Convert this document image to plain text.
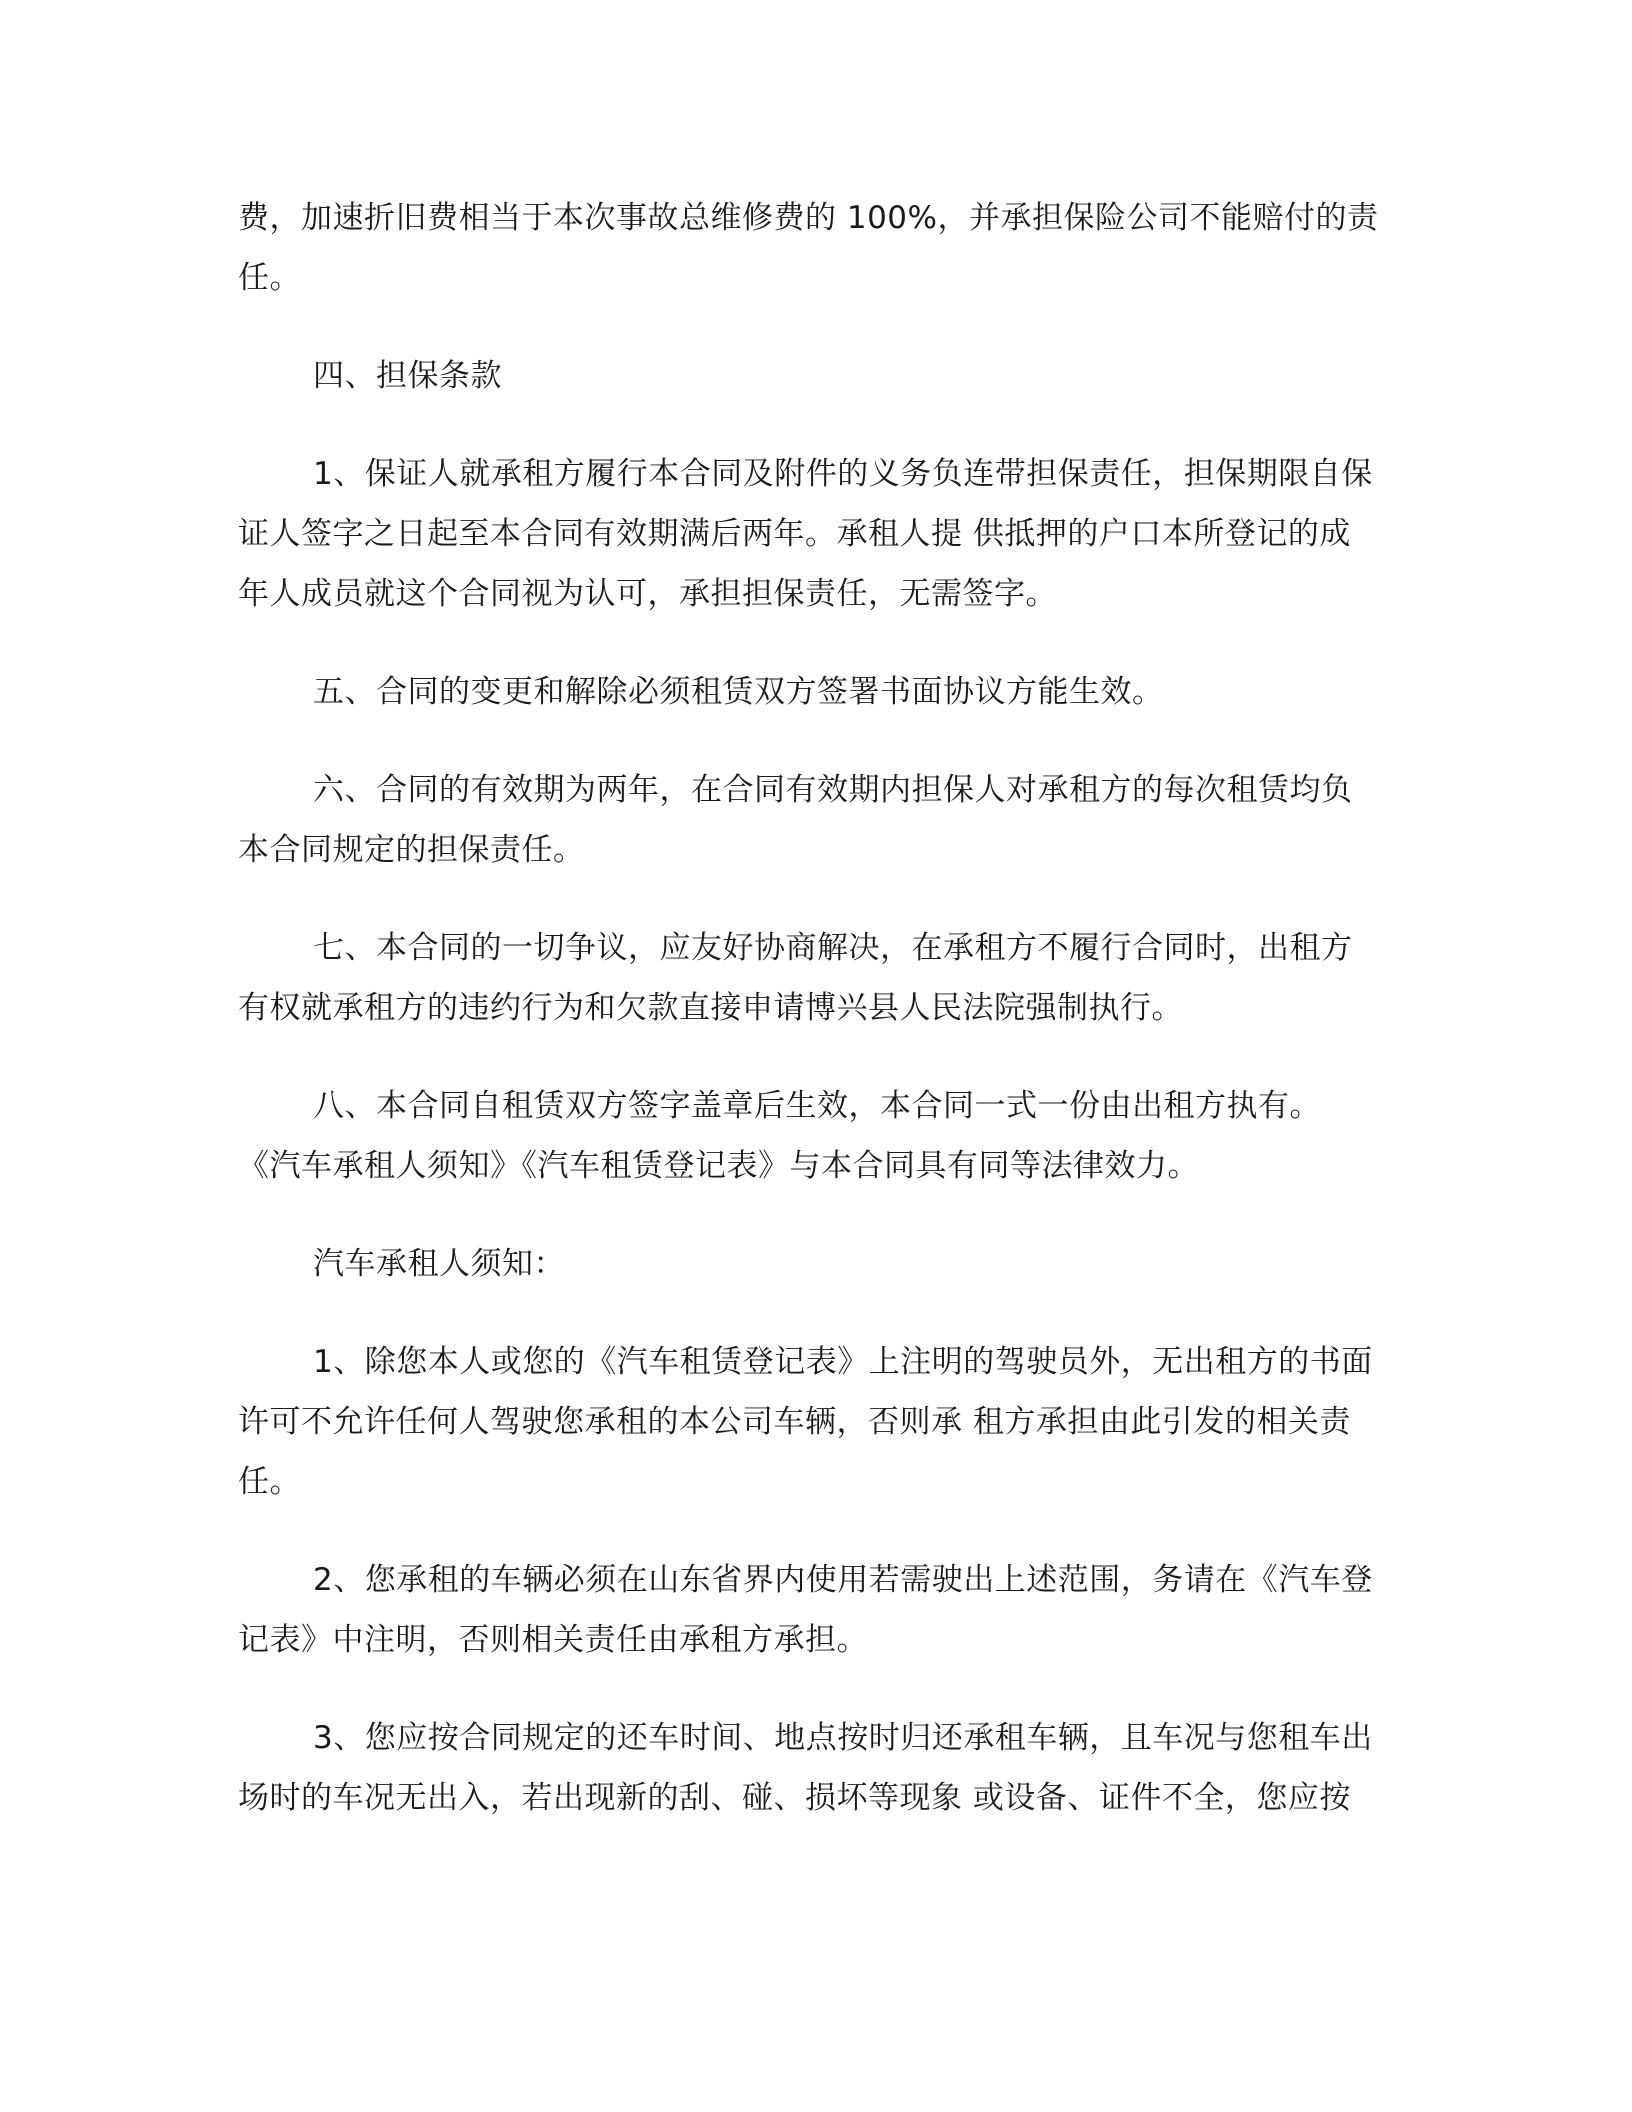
费，加速折旧费相当于本次事故总维修费的 100%，并承担保险公司不能赔付的责
任。

四、担保条款

1、保证人就承租方履行本合同及附件的义务负连带担保责任，担保期限自保
证人签字之日起至本合同有效期满后两年。承租人提 供抵押的户口本所登记的成
年人成员就这个合同视为认可，承担担保责任，无需签字。

五、合同的变更和解除必须租赁双方签署书面协议方能生效。

六、合同的有效期为两年，在合同有效期内担保人对承租方的每次租赁均负
本合同规定的担保责任。

七、本合同的一切争议，应友好协商解决，在承租方不履行合同时，出租方
有权就承租方的违约行为和欠款直接申请博兴县人民法院强制执行。

八、本合同自租赁双方签字盖章后生效，本合同一式一份由出租方执有。
《汽车承租人须知》《汽车租赁登记表》与本合同具有同等法律效力。

汽车承租人须知：

1、除您本人或您的《汽车租赁登记表》上注明的驾驶员外，无出租方的书面
许可不允许任何人驾驶您承租的本公司车辆，否则承 租方承担由此引发的相关责
任。

2、您承租的车辆必须在山东省界内使用若需驶出上述范围，务请在《汽车登
记表》中注明，否则相关责任由承租方承担。

3、您应按合同规定的还车时间、地点按时归还承租车辆，且车况与您租车出
场时的车况无出入，若出现新的刮、碰、损坏等现象 或设备、证件不全，您应按
